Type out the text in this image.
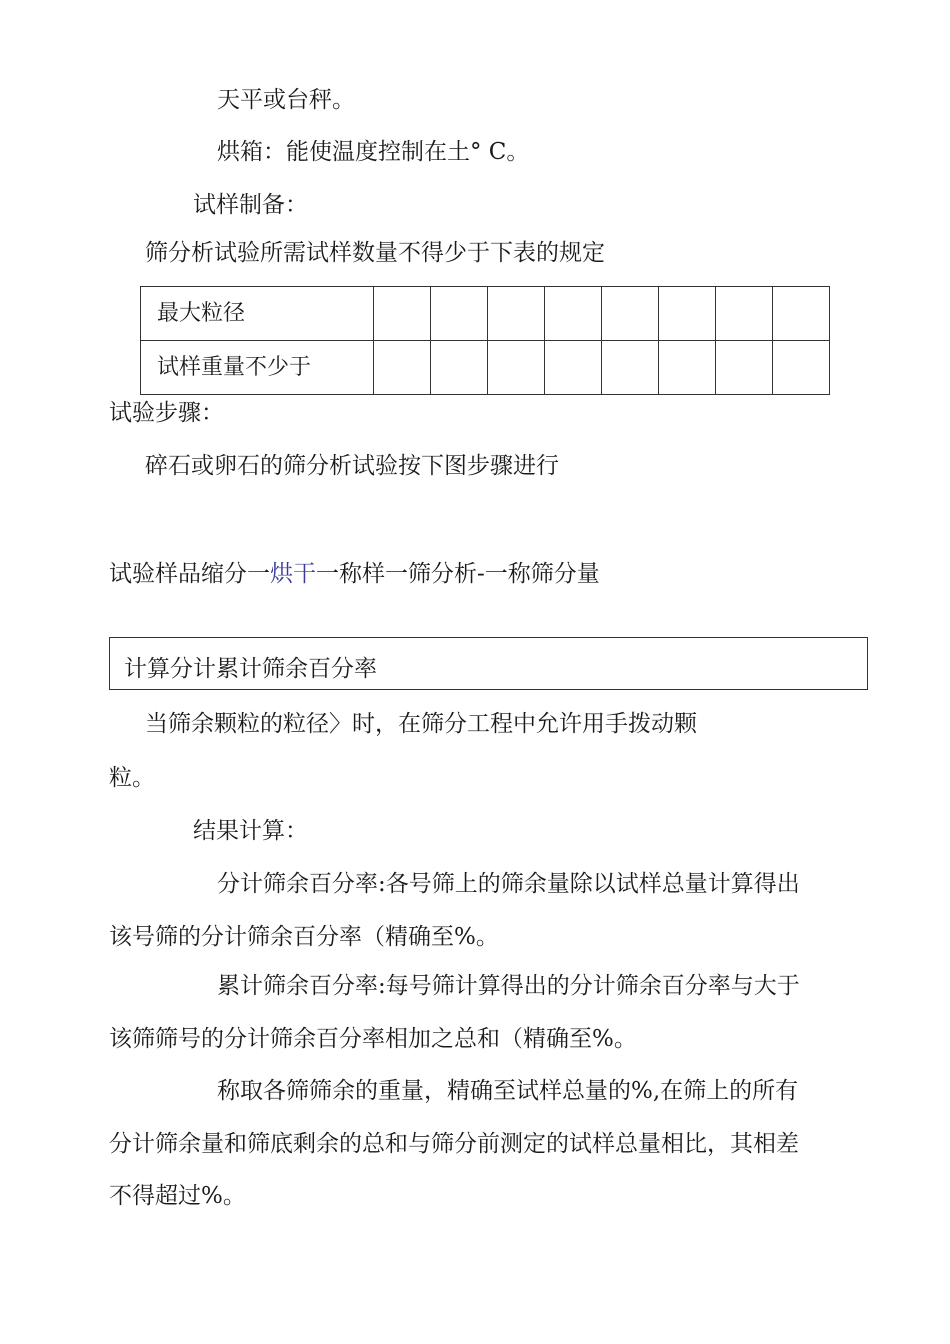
天平或台秤。
烘箱：能使温度控制在土° C。
试样制备：
筛分析试验所需试样数量不得少于下表的规定
最大粒径								
试样重量不少于								
试验步骤：
碎石或卵石的筛分析试验按下图步骤进行
试验样品缩分一烘干一称样一筛分析-一称筛分量
计算分计累计筛余百分率
当筛余颗粒的粒径〉时，在筛分工程中允许用手拨动颗
粒。
结果计算：
分计筛余百分率:各号筛上的筛余量除以试样总量计算得出
该号筛的分计筛余百分率（精确至%。
累计筛余百分率:每号筛计算得出的分计筛余百分率与大于
该筛筛号的分计筛余百分率相加之总和（精确至%。
称取各筛筛余的重量，精确至试样总量的%,在筛上的所有
分计筛余量和筛底剩余的总和与筛分前测定的试样总量相比，其相差
不得超过%。
